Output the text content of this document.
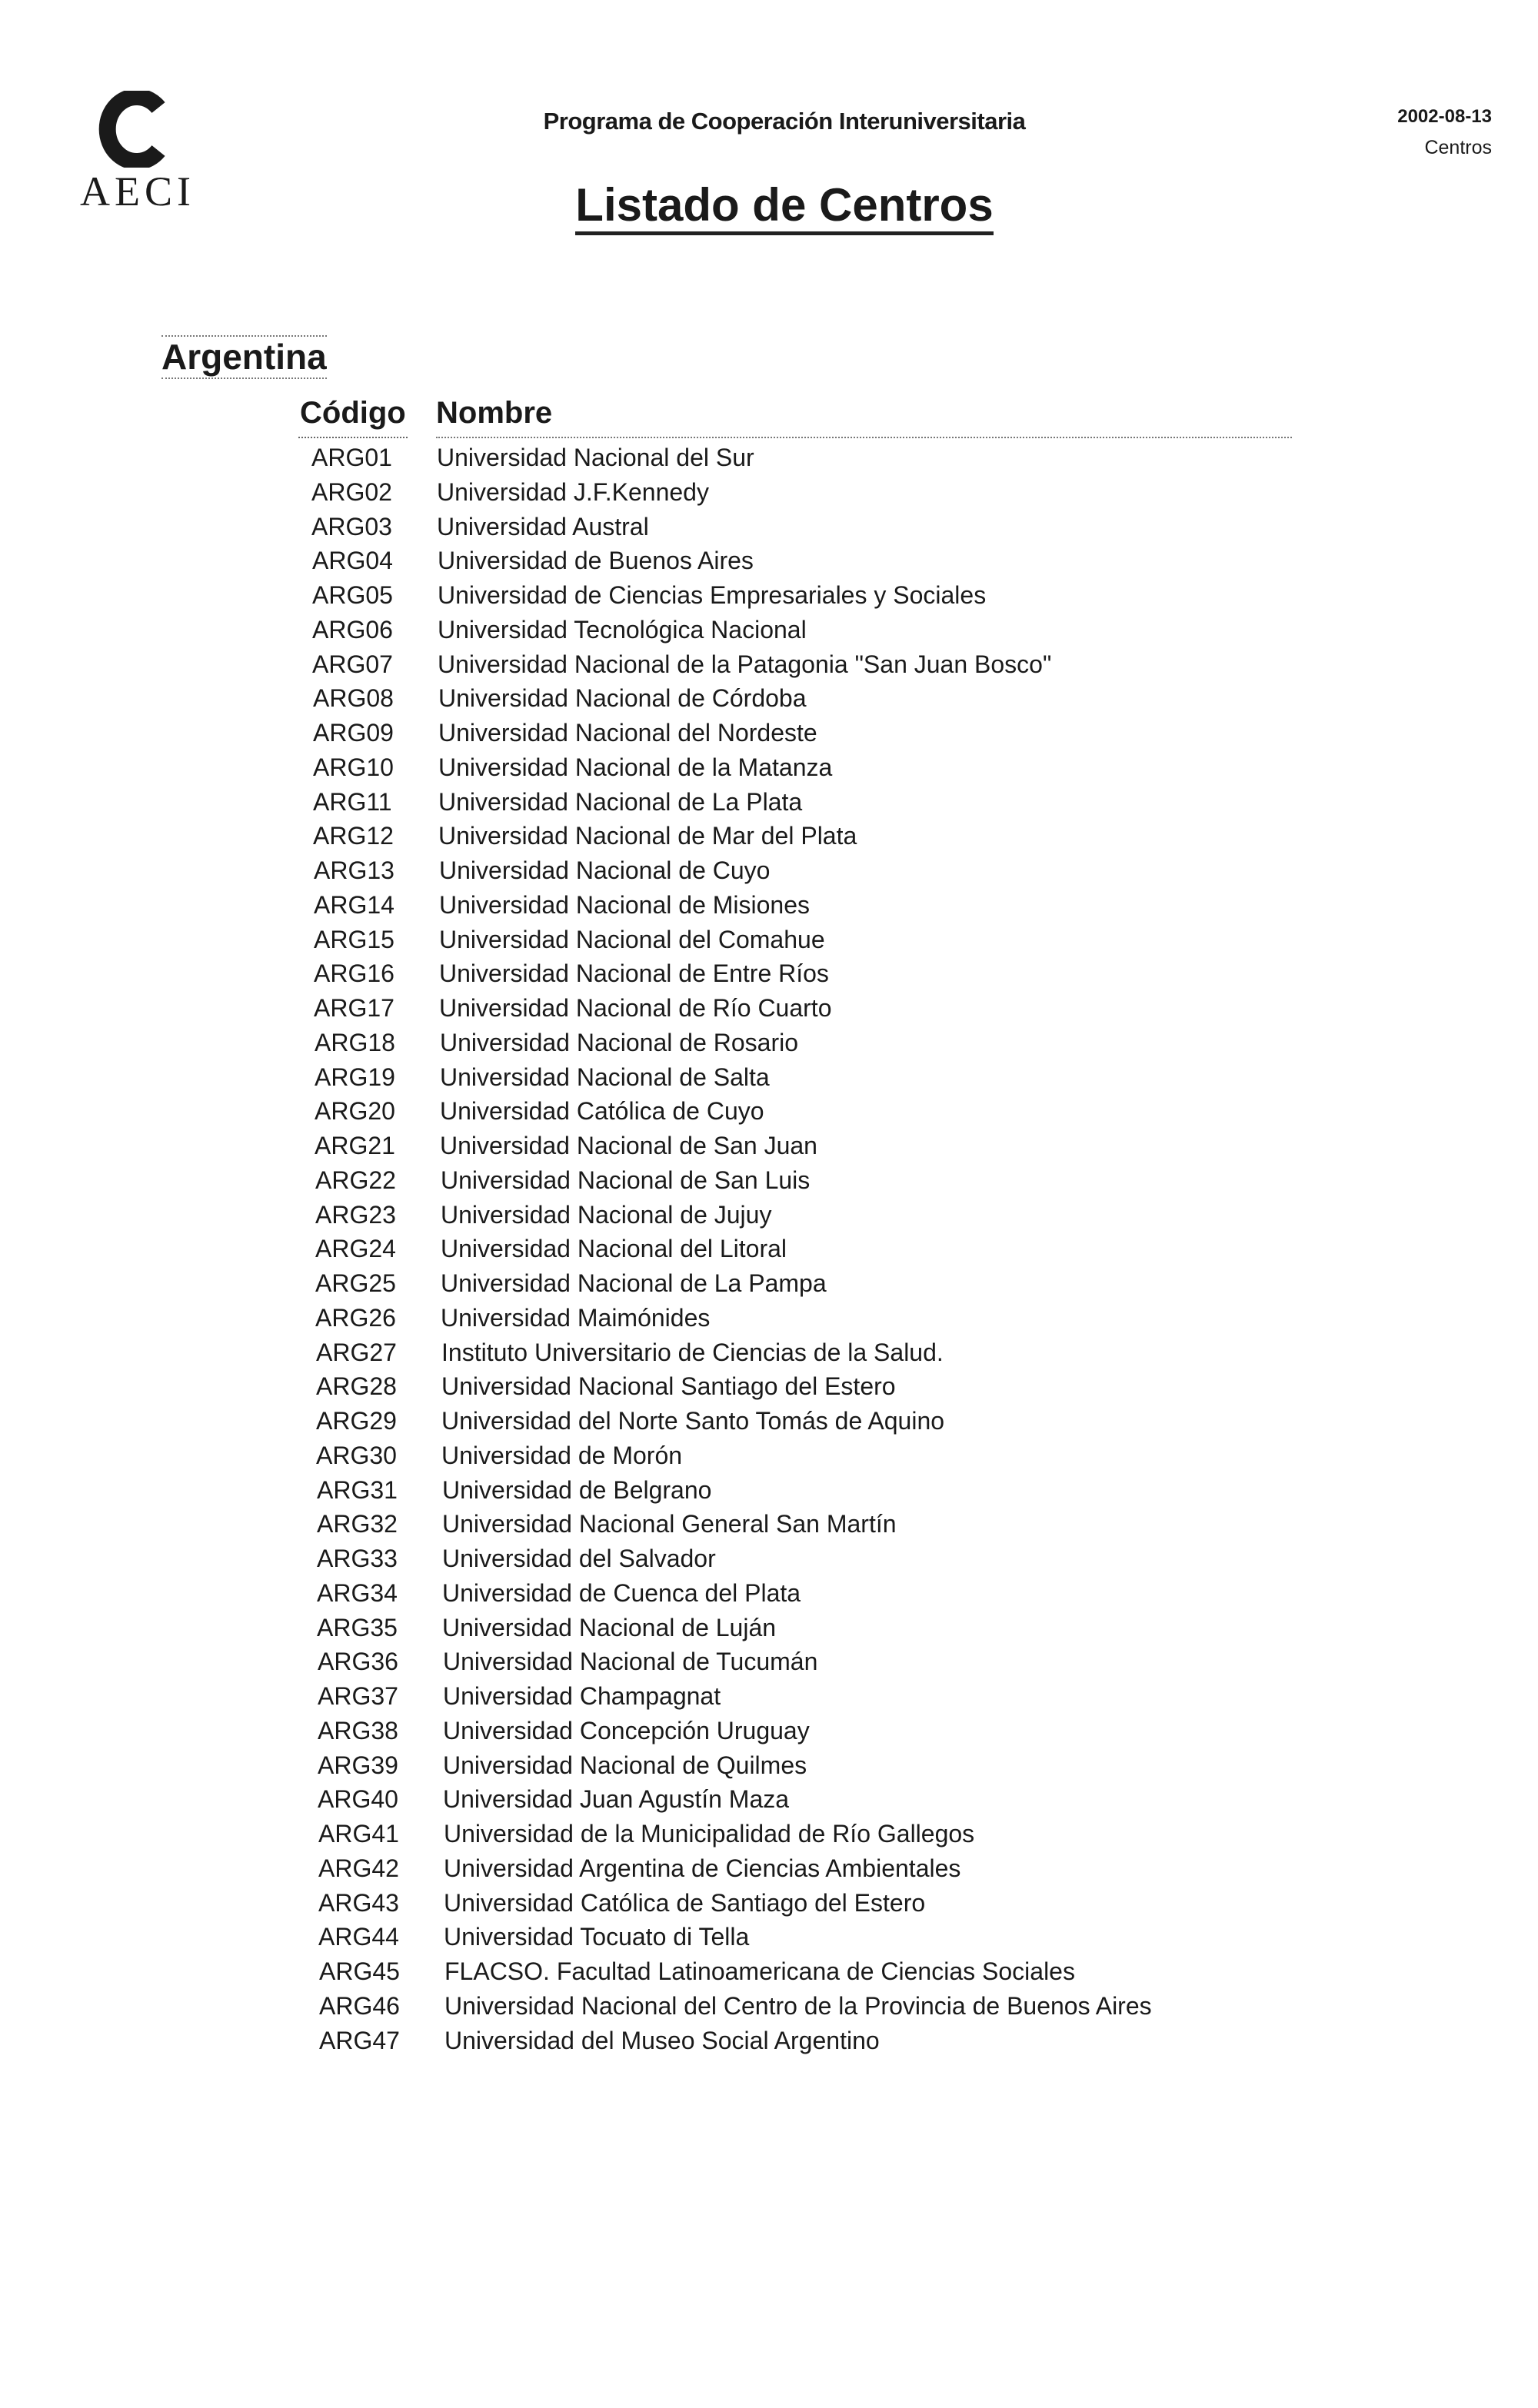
AECI
Programa de Cooperación Interuniversitaria	2002-08-13
Centros
Listado de Centros
Argentina
Código Nombre
ARG01 Universidad Nacional del Sur
ARG02 Universidad J.F.Kennedy
ARG03 Universidad Austral
ARG04 Universidad de Buenos Aires
ARG05 Universidad de Ciencias Empresariales y Sociales
ARG06 Universidad Tecnológica Nacional
ARG07 Universidad Nacional de la Patagonia "San Juan Bosco"
ARG08 Universidad Nacional de Córdoba
ARG09 Universidad Nacional del Nordeste
ARG10 Universidad Nacional de la Matanza
ARG11 Universidad Nacional de La Plata
ARG12 Universidad Nacional de Mar del Plata
ARG13 Universidad Nacional de Cuyo
ARG14 Universidad Nacional de Misiones
ARG15 Universidad Nacional del Comahue
ARG16 Universidad Nacional de Entre Ríos
ARG17 Universidad Nacional de Río Cuarto
ARG18 Universidad Nacional de Rosario
ARG19 Universidad Nacional de Salta
ARG20 Universidad Católica de Cuyo
ARG21 Universidad Nacional de San Juan
ARG22 Universidad Nacional de San Luis
ARG23 Universidad Nacional de Jujuy
ARG24 Universidad Nacional del Litoral
ARG25 Universidad Nacional de La Pampa
ARG26 Universidad Maimónides
ARG27 Instituto Universitario de Ciencias de la Salud.
ARG28 Universidad Nacional Santiago del Estero
ARG29 Universidad del Norte Santo Tomás de Aquino
ARG30 Universidad de Morón
ARG31 Universidad de Belgrano
ARG32 Universidad Nacional General San Martín
ARG33 Universidad del Salvador
ARG34 Universidad de Cuenca del Plata
ARG35 Universidad Nacional de Luján
ARG36 Universidad Nacional de Tucumán
ARG37 Universidad Champagnat
ARG38 Universidad Concepción Uruguay
ARG39 Universidad Nacional de Quilmes
ARG40 Universidad Juan Agustín Maza
ARG41 Universidad de la Municipalidad de Río Gallegos
ARG42 Universidad Argentina de Ciencias Ambientales
ARG43 Universidad Católica de Santiago del Estero
ARG44 Universidad Tocuato di Tella
ARG45 FLACSO. Facultad Latinoamericana de Ciencias Sociales
ARG46 Universidad Nacional del Centro de la Provincia de Buenos Aires
ARG47 Universidad del Museo Social Argentino
